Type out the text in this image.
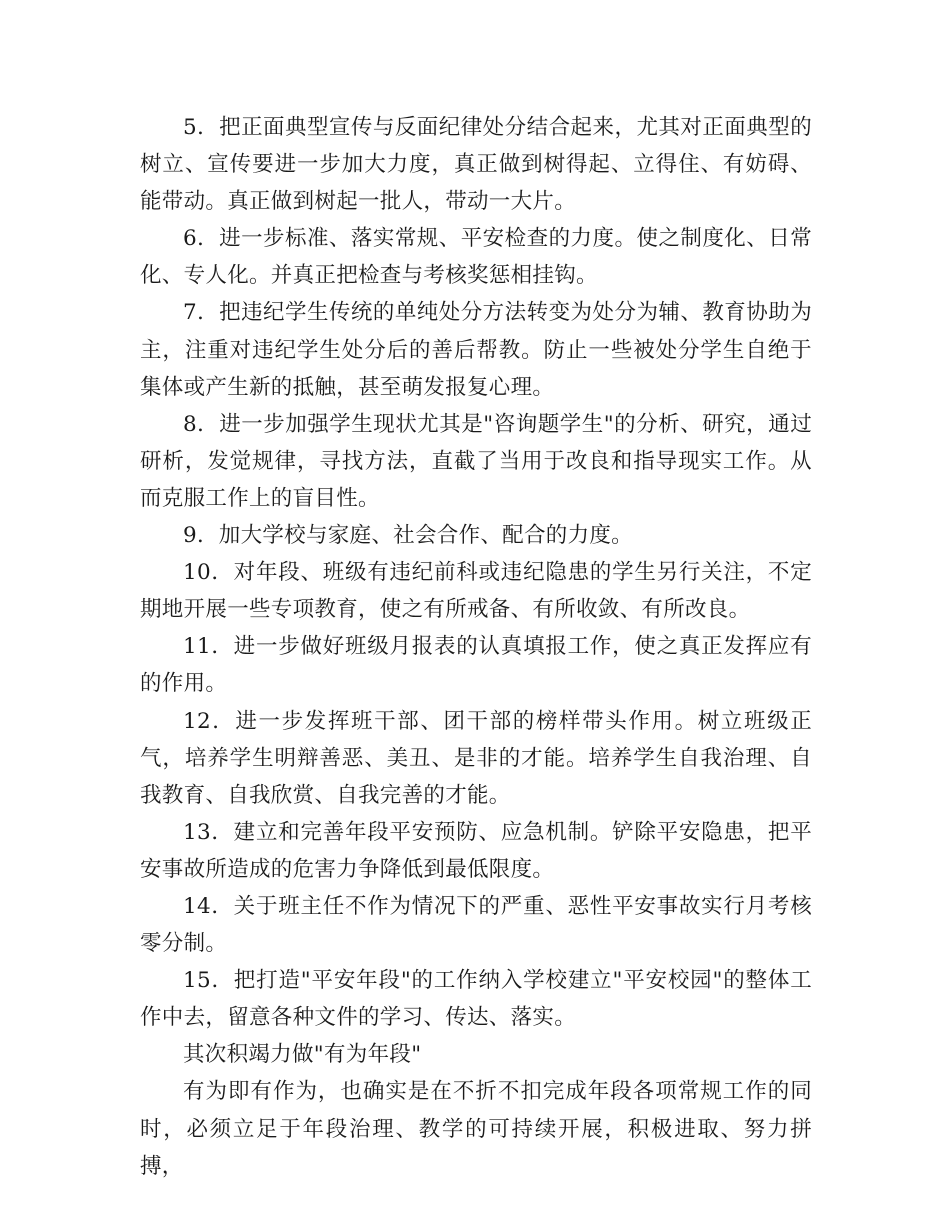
5．把正面典型宣传与反面纪律处分结合起来，尤其对正面典型的树立、宣传要进一步加大力度，真正做到树得起、立得住、有妨碍、能带动。真正做到树起一批人，带动一大片。

6．进一步标准、落实常规、平安检查的力度。使之制度化、日常化、专人化。并真正把检查与考核奖惩相挂钩。

7．把违纪学生传统的单纯处分方法转变为处分为辅、教育协助为主，注重对违纪学生处分后的善后帮教。防止一些被处分学生自绝于集体或产生新的抵触，甚至萌发报复心理。

8．进一步加强学生现状尤其是"咨询题学生"的分析、研究，通过研析，发觉规律，寻找方法，直截了当用于改良和指导现实工作。从而克服工作上的盲目性。

9．加大学校与家庭、社会合作、配合的力度。

10．对年段、班级有违纪前科或违纪隐患的学生另行关注，不定期地开展一些专项教育，使之有所戒备、有所收敛、有所改良。

11．进一步做好班级月报表的认真填报工作，使之真正发挥应有的作用。

12．进一步发挥班干部、团干部的榜样带头作用。树立班级正气，培养学生明辩善恶、美丑、是非的才能。培养学生自我治理、自我教育、自我欣赏、自我完善的才能。

13．建立和完善年段平安预防、应急机制。铲除平安隐患，把平安事故所造成的危害力争降低到最低限度。

14．关于班主任不作为情况下的严重、恶性平安事故实行月考核零分制。

15．把打造"平安年段"的工作纳入学校建立"平安校园"的整体工作中去，留意各种文件的学习、传达、落实。

其次积竭力做"有为年段"

有为即有作为，也确实是在不折不扣完成年段各项常规工作的同时，必须立足于年段治理、教学的可持续开展，积极进取、努力拼搏，
